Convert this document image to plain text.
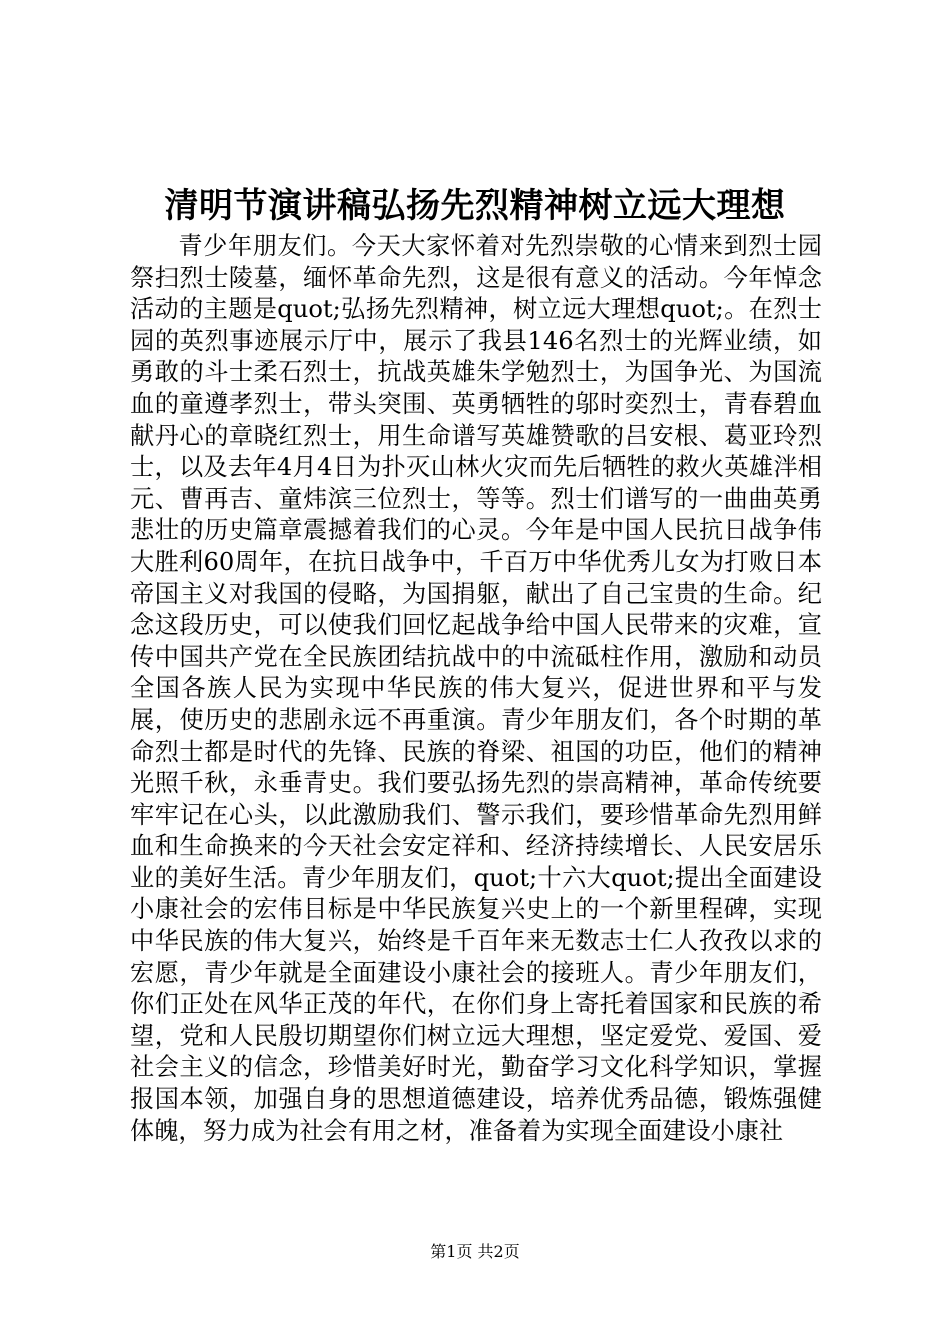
清明节演讲稿弘扬先烈精神树立远大理想

青少年朋友们。今天大家怀着对先烈崇敬的心情来到烈士园祭扫烈士陵墓，缅怀革命先烈，这是很有意义的活动。今年悼念活动的主题是quot;弘扬先烈精神，树立远大理想quot;。在烈士园的英烈事迹展示厅中，展示了我县146名烈士的光辉业绩，如勇敢的斗士柔石烈士，抗战英雄朱学勉烈士，为国争光、为国流血的童遵孝烈士，带头突围、英勇牺牲的邬时奕烈士，青春碧血献丹心的章晓红烈士，用生命谱写英雄赞歌的吕安根、葛亚玲烈士，以及去年4月4日为扑灭山林火灾而先后牺牲的救火英雄泮相元、曹再吉、童炜滨三位烈士，等等。烈士们谱写的一曲曲英勇悲壮的历史篇章震撼着我们的心灵。今年是中国人民抗日战争伟大胜利60周年，在抗日战争中，千百万中华优秀儿女为打败日本帝国主义对我国的侵略，为国捐躯，献出了自己宝贵的生命。纪念这段历史，可以使我们回忆起战争给中国人民带来的灾难，宣传中国共产党在全民族团结抗战中的中流砥柱作用，激励和动员全国各族人民为实现中华民族的伟大复兴，促进世界和平与发展，使历史的悲剧永远不再重演。青少年朋友们，各个时期的革命烈士都是时代的先锋、民族的脊梁、祖国的功臣，他们的精神光照千秋，永垂青史。我们要弘扬先烈的崇高精神，革命传统要牢牢记在心头，以此激励我们、警示我们，要珍惜革命先烈用鲜血和生命换来的今天社会安定祥和、经济持续增长、人民安居乐业的美好生活。青少年朋友们，quot;十六大quot;提出全面建设小康社会的宏伟目标是中华民族复兴史上的一个新里程碑，实现中华民族的伟大复兴，始终是千百年来无数志士仁人孜孜以求的宏愿，青少年就是全面建设小康社会的接班人。青少年朋友们，你们正处在风华正茂的年代，在你们身上寄托着国家和民族的希望，党和人民殷切期望你们树立远大理想，坚定爱党、爱国、爱社会主义的信念，珍惜美好时光，勤奋学习文化科学知识，掌握报国本领，加强自身的思想道德建设，培养优秀品德，锻炼强健体魄，努力成为社会有用之材，准备着为实现全面建设小康社

第1页 共2页
